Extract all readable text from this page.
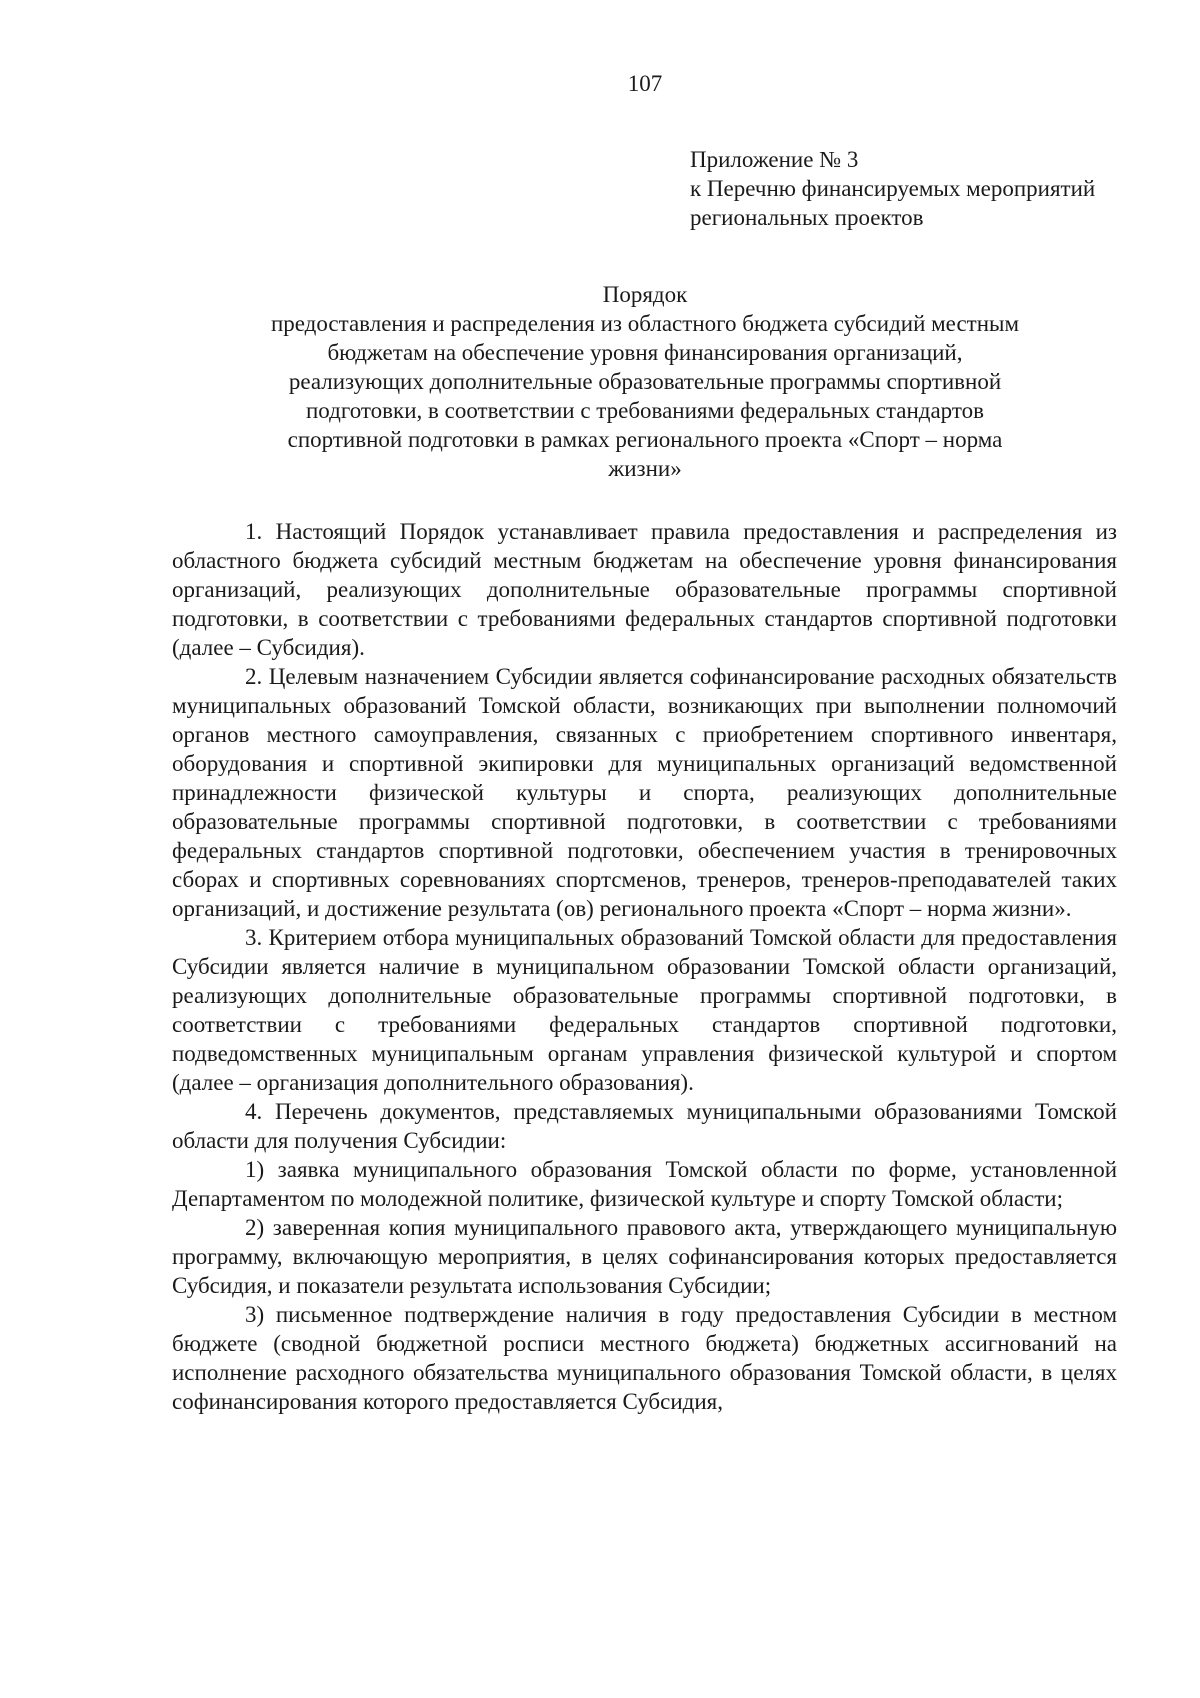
107
Приложение № 3
к Перечню финансируемых мероприятий
региональных проектов
Порядок
предоставления и распределения из областного бюджета субсидий местным
бюджетам на обеспечение уровня финансирования организаций,
реализующих дополнительные образовательные программы спортивной
подготовки, в соответствии с требованиями федеральных стандартов
спортивной подготовки в рамках регионального проекта «Спорт – норма
жизни»

1. Настоящий Порядок устанавливает правила предоставления и распределения из областного бюджета субсидий местным бюджетам на обеспечение уровня финансирования организаций, реализующих дополнительные образовательные программы спортивной подготовки, в соответствии с требованиями федеральных стандартов спортивной подготовки (далее – Субсидия).

2. Целевым назначением Субсидии является софинансирование расходных обязательств муниципальных образований Томской области, возникающих при выполнении полномочий органов местного самоуправления, связанных с приобретением спортивного инвентаря, оборудования и спортивной экипировки для муниципальных организаций ведомственной принадлежности физической культуры и спорта, реализующих дополнительные образовательные программы спортивной подготовки, в соответствии с требованиями федеральных стандартов спортивной подготовки, обеспечением участия в тренировочных сборах и спортивных соревнованиях спортсменов, тренеров, тренеров-преподавателей таких организаций, и достижение результата (ов) регионального проекта «Спорт – норма жизни».

3. Критерием отбора муниципальных образований Томской области для предоставления Субсидии является наличие в муниципальном образовании Томской области организаций, реализующих дополнительные образовательные программы спортивной подготовки, в соответствии с требованиями федеральных стандартов спортивной подготовки, подведомственных муниципальным органам управления физической культурой и спортом (далее – организация дополнительного образования).

4. Перечень документов, представляемых муниципальными образованиями Томской области для получения Субсидии:

1) заявка муниципального образования Томской области по форме, установленной Департаментом по молодежной политике, физической культуре и спорту Томской области;

2) заверенная копия муниципального правового акта, утверждающего муниципальную программу, включающую мероприятия, в целях софинансирования которых предоставляется Субсидия, и показатели результата использования Субсидии;

3) письменное подтверждение наличия в году предоставления Субсидии в местном бюджете (сводной бюджетной росписи местного бюджета) бюджетных ассигнований на исполнение расходного обязательства муниципального образования Томской области, в целях софинансирования которого предоставляется Субсидия,
